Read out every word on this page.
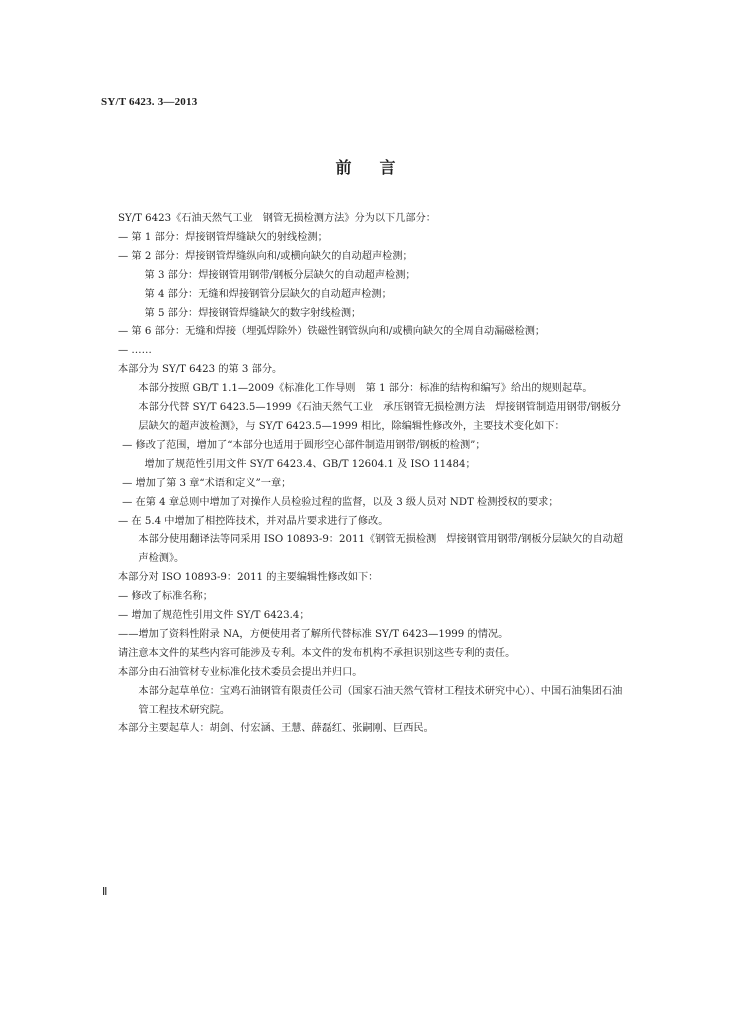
SY/T 6423. 3—2013
前言

SY/T 6423《石油天然气工业　钢管无损检测方法》分为以下几部分：

— 第 1 部分：焊接钢管焊缝缺欠的射线检测；

— 第 2 部分：焊接钢管焊缝纵向和/或横向缺欠的自动超声检测；

第 3 部分：焊接钢管用钢带/钢板分层缺欠的自动超声检测；

第 4 部分：无缝和焊接钢管分层缺欠的自动超声检测；

第 5 部分：焊接钢管焊缝缺欠的数字射线检测；

— 第 6 部分：无缝和焊接（埋弧焊除外）铁磁性钢管纵向和/或横向缺欠的全周自动漏磁检测；

— ……

本部分为 SY/T 6423 的第 3 部分。

本部分按照 GB/T 1.1—2009《标准化工作导则　第 1 部分：标准的结构和编写》给出的规则起草。

本部分代替 SY/T 6423.5—1999《石油天然气工业　承压钢管无损检测方法　焊接钢管制造用钢带/钢板分层缺欠的超声波检测》，与 SY/T 6423.5—1999 相比，除编辑性修改外，主要技术变化如下：

— 修改了范围，增加了“本部分也适用于圆形空心部件制造用钢带/钢板的检测”；

增加了规范性引用文件 SY/T 6423.4、GB/T 12604.1 及 ISO 11484；

— 增加了第 3 章“术语和定义”一章；

— 在第 4 章总则中增加了对操作人员检验过程的监督，以及 3 级人员对 NDT 检测授权的要求；

— 在 5.4 中增加了相控阵技术，并对晶片要求进行了修改。

本部分使用翻译法等同采用 ISO 10893-9：2011《钢管无损检测　焊接钢管用钢带/钢板分层缺欠的自动超声检测》。

本部分对 ISO 10893-9：2011 的主要编辑性修改如下：

— 修改了标准名称；

— 增加了规范性引用文件 SY/T 6423.4；

——增加了资料性附录 NA，方便使用者了解所代替标准 SY/T 6423—1999 的情况。

请注意本文件的某些内容可能涉及专利。本文件的发布机构不承担识别这些专利的责任。

本部分由石油管材专业标准化技术委员会提出并归口。

本部分起草单位：宝鸡石油钢管有限责任公司（国家石油天然气管材工程技术研究中心）、中国石油集团石油管工程技术研究院。

本部分主要起草人：胡剑、付宏涵、王慧、薛磊红、张嗣刚、巨西民。

Ⅱ
